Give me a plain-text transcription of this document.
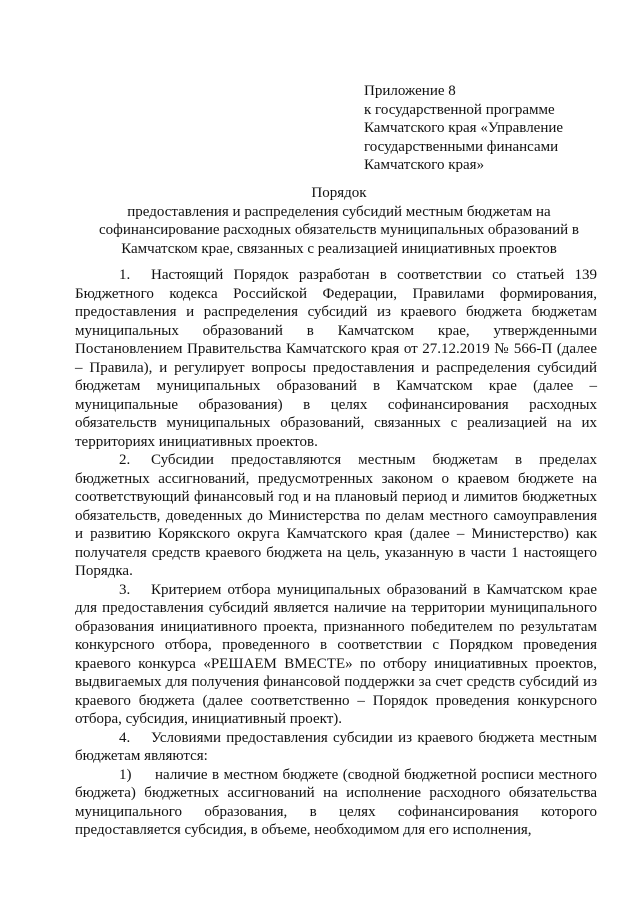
Приложение 8
к государственной программе
Камчатского края «Управление
государственными финансами
Камчатского края»
Порядок
предоставления и распределения субсидий местным бюджетам на
софинансирование расходных обязательств муниципальных образований в
Камчатском крае, связанных с реализацией инициативных проектов

1. Настоящий Порядок разработан в соответствии со статьей 139 Бюджетного кодекса Российской Федерации, Правилами формирования, предоставления и распределения субсидий из краевого бюджета бюджетам муниципальных образований в Камчатском крае, утвержденными Постановлением Правительства Камчатского края от 27.12.2019 № 566-П (далее – Правила), и регулирует вопросы предоставления и распределения субсидий бюджетам муниципальных образований в Камчатском крае (далее – муниципальные образования) в целях софинансирования расходных обязательств муниципальных образований, связанных с реализацией на их территориях инициативных проектов.

2. Субсидии предоставляются местным бюджетам в пределах бюджетных ассигнований, предусмотренных законом о краевом бюджете на соответствующий финансовый год и на плановый период и лимитов бюджетных обязательств, доведенных до Министерства по делам местного самоуправления и развитию Корякского округа Камчатского края (далее – Министерство) как получателя средств краевого бюджета на цель, указанную в части 1 настоящего Порядка.

3. Критерием отбора муниципальных образований в Камчатском крае для предоставления субсидий является наличие на территории муниципального образования инициативного проекта, признанного победителем по результатам конкурсного отбора, проведенного в соответствии с Порядком проведения краевого конкурса «РЕШАЕМ ВМЕСТЕ» по отбору инициативных проектов, выдвигаемых для получения финансовой поддержки за счет средств субсидий из краевого бюджета (далее соответственно – Порядок проведения конкурсного отбора, субсидия, инициативный проект).

4. Условиями предоставления субсидии из краевого бюджета местным бюджетам являются:

1) наличие в местном бюджете (сводной бюджетной росписи местного бюджета) бюджетных ассигнований на исполнение расходного обязательства муниципального образования, в целях софинансирования которого предоставляется субсидия, в объеме, необходимом для его исполнения,
